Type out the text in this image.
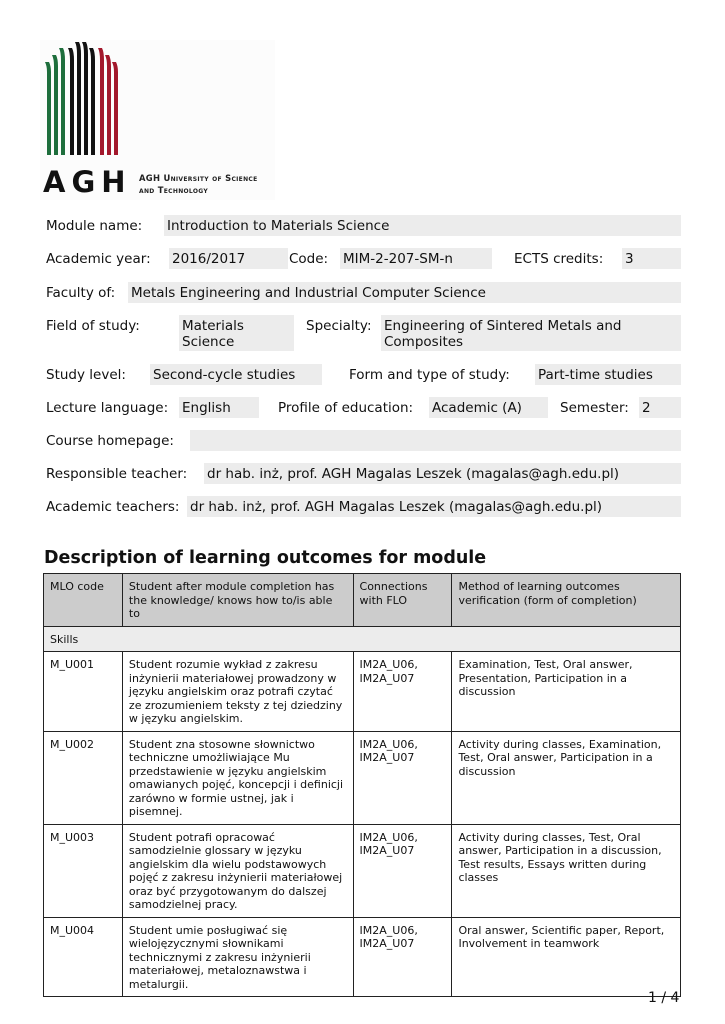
AGH AGH University of Science
and Technology
Module name: Introduction to Materials Science
Academic year: 2016/2017	Code: MIM-2-207-SM-n	ECTS credits: 3
Faculty of: Metals Engineering and Industrial Computer Science
Field of study:	Materials
Science
Specialty: Engineering of Sintered Metals and
Composites
Study level: Second-cycle studies	Form and type of study: Part-time studies
Lecture language: English	Profile of education: Academic (A)	Semester: 2
Course homepage:
Responsible teacher: dr hab. inż, prof. AGH Magalas Leszek (magalas@agh.edu.pl)
Academic teachers: dr hab. inż, prof. AGH Magalas Leszek (magalas@agh.edu.pl)
Description of learning outcomes for module
MLO code	Student after module completion has the knowledge/ knows how to/is able to	Connections with FLO	Method of learning outcomes verification (form of completion)
Skills			
M_U001	Student rozumie wykład z zakresu inżynierii materiałowej prowadzony w języku angielskim oraz potrafi czytać ze zrozumieniem teksty z tej dziedziny w języku angielskim.	IM2A_U06, IM2A_U07	Examination, Test, Oral answer, Presentation, Participation in a discussion
M_U002	Student zna stosowne słownictwo techniczne umożliwiające Mu przedstawienie w języku angielskim omawianych pojęć, koncepcji i definicji zarówno w formie ustnej, jak i pisemnej.	IM2A_U06, IM2A_U07	Activity during classes, Examination, Test, Oral answer, Participation in a discussion
M_U003	Student potrafi opracować samodzielnie glossary w języku angielskim dla wielu podstawowych pojęć z zakresu inżynierii materiałowej oraz być przygotowanym do dalszej samodzielnej pracy.	IM2A_U06, IM2A_U07	Activity during classes, Test, Oral answer, Participation in a discussion, Test results, Essays written during classes
M_U004	Student umie posługiwać się wielojęzycznymi słownikami technicznymi z zakresu inżynierii materiałowej, metaloznawstwa i metalurgii.	IM2A_U06, IM2A_U07	Oral answer, Scientific paper, Report, Involvement in teamwork
1 / 4
